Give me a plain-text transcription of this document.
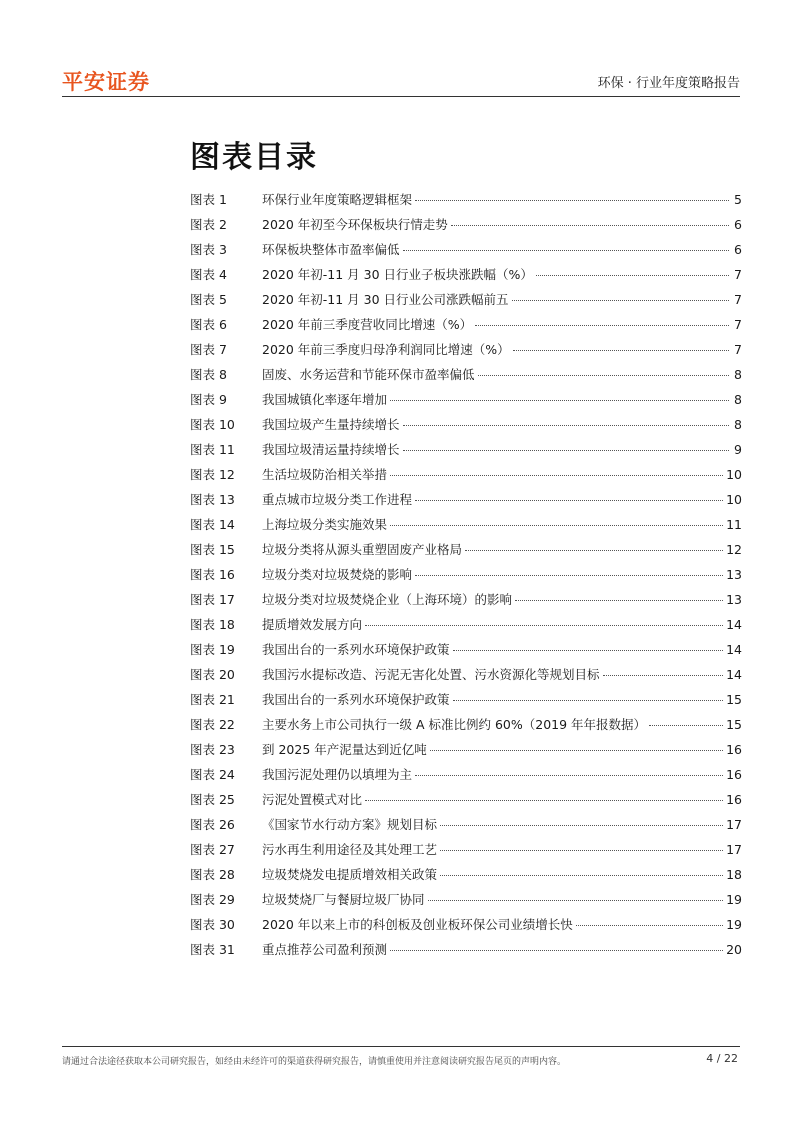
平安证券	环保 · 行业年度策略报告
图表目录
图表 1	环保行业年度策略逻辑框架	5
图表 2	2020 年初至今环保板块行情走势	6
图表 3	环保板块整体市盈率偏低	6
图表 4	2020 年初-11 月 30 日行业子板块涨跌幅（%）	7
图表 5	2020 年初-11 月 30 日行业公司涨跌幅前五	7
图表 6	2020 年前三季度营收同比增速（%）	7
图表 7	2020 年前三季度归母净利润同比增速（%）	7
图表 8	固废、水务运营和节能环保市盈率偏低	8
图表 9	我国城镇化率逐年增加	8
图表 10	我国垃圾产生量持续增长	8
图表 11	我国垃圾清运量持续增长	9
图表 12	生活垃圾防治相关举措	10
图表 13	重点城市垃圾分类工作进程	10
图表 14	上海垃圾分类实施效果	11
图表 15	垃圾分类将从源头重塑固废产业格局	12
图表 16	垃圾分类对垃圾焚烧的影响	13
图表 17	垃圾分类对垃圾焚烧企业（上海环境）的影响	13
图表 18	提质增效发展方向	14
图表 19	我国出台的一系列水环境保护政策	14
图表 20	我国污水提标改造、污泥无害化处置、污水资源化等规划目标	14
图表 21	我国出台的一系列水环境保护政策	15
图表 22	主要水务上市公司执行一级 A 标准比例约 60%（2019 年年报数据）	15
图表 23	到 2025 年产泥量达到近亿吨	16
图表 24	我国污泥处理仍以填埋为主	16
图表 25	污泥处置模式对比	16
图表 26	《国家节水行动方案》规划目标	17
图表 27	污水再生利用途径及其处理工艺	17
图表 28	垃圾焚烧发电提质增效相关政策	18
图表 29	垃圾焚烧厂与餐厨垃圾厂协同	19
图表 30	2020 年以来上市的科创板及创业板环保公司业绩增长快	19
图表 31	重点推荐公司盈利预测	20
请通过合法途径获取本公司研究报告，如经由未经许可的渠道获得研究报告，请慎重使用并注意阅读研究报告尾页的声明内容。	4 / 22
